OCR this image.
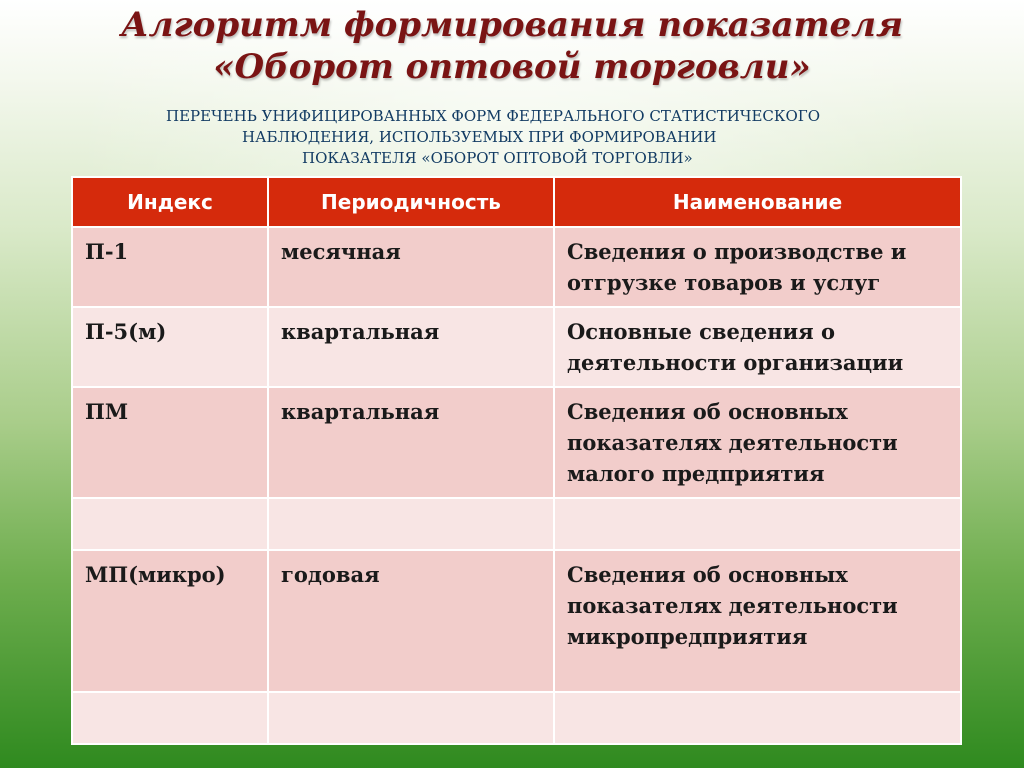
Алгоритм формирования показателя
«Оборот оптовой торговли»
ПЕРЕЧЕНЬ УНИФИЦИРОВАННЫХ ФОРМ ФЕДЕРАЛЬНОГО СТАТИСТИЧЕСКОГО
НАБЛЮДЕНИЯ, ИСПОЛЬЗУЕМЫХ ПРИ ФОРМИРОВАНИИ
ПОКАЗАТЕЛЯ «ОБОРОТ ОПТОВОЙ ТОРГОВЛИ»
Индекс	Периодичность	Наименование
П-1	месячная	Сведения о производстве и отгрузке товаров и услуг
П-5(м)	квартальная	Основные сведения о деятельности организации
ПМ	квартальная	Сведения об основных показателях деятельности малого предприятия

МП(микро)	годовая	Сведения об основных показателях деятельности микропредприятия
